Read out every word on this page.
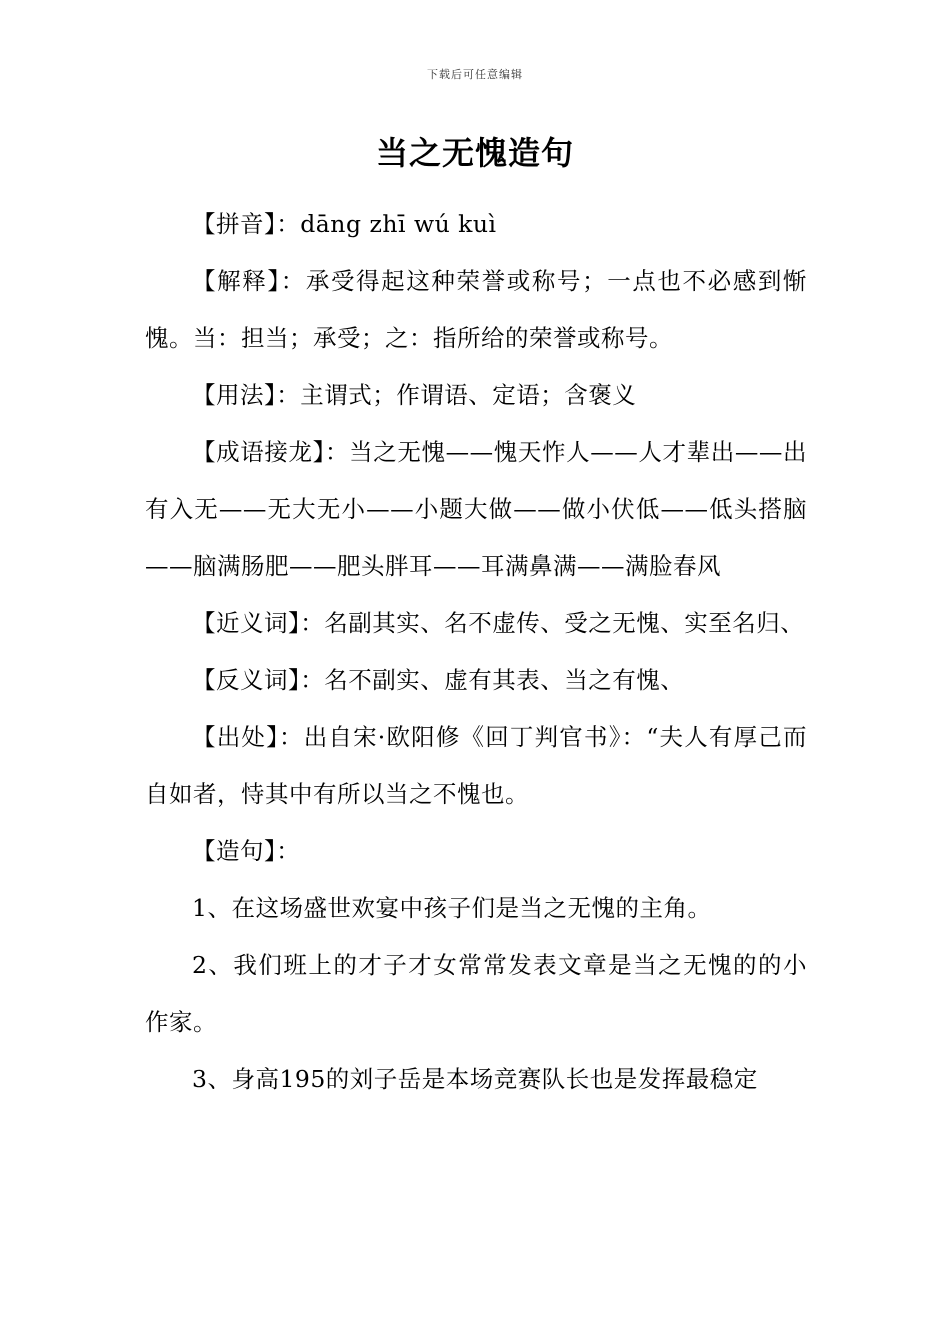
下载后可任意编辑
当之无愧造句

【拼音】：dāng zhī wú kuì

【解释】：承受得起这种荣誉或称号；一点也不必感到惭愧。当：担当；承受；之：指所给的荣誉或称号。

【用法】：主谓式；作谓语、定语；含褒义

【成语接龙】：当之无愧——愧天怍人——人才辈出——出有入无——无大无小——小题大做——做小伏低——低头搭脑——脑满肠肥——肥头胖耳——耳满鼻满——满脸春风

【近义词】：名副其实、名不虚传、受之无愧、实至名归、

【反义词】：名不副实、虚有其表、当之有愧、

【出处】：出自宋·欧阳修《回丁判官书》：“夫人有厚己而自如者，恃其中有所以当之不愧也。

【造句】：

1、在这场盛世欢宴中孩子们是当之无愧的主角。

2、我们班上的才子才女常常发表文章是当之无愧的的小作家。

3、身高195的刘子岳是本场竞赛队长也是发挥最稳定
